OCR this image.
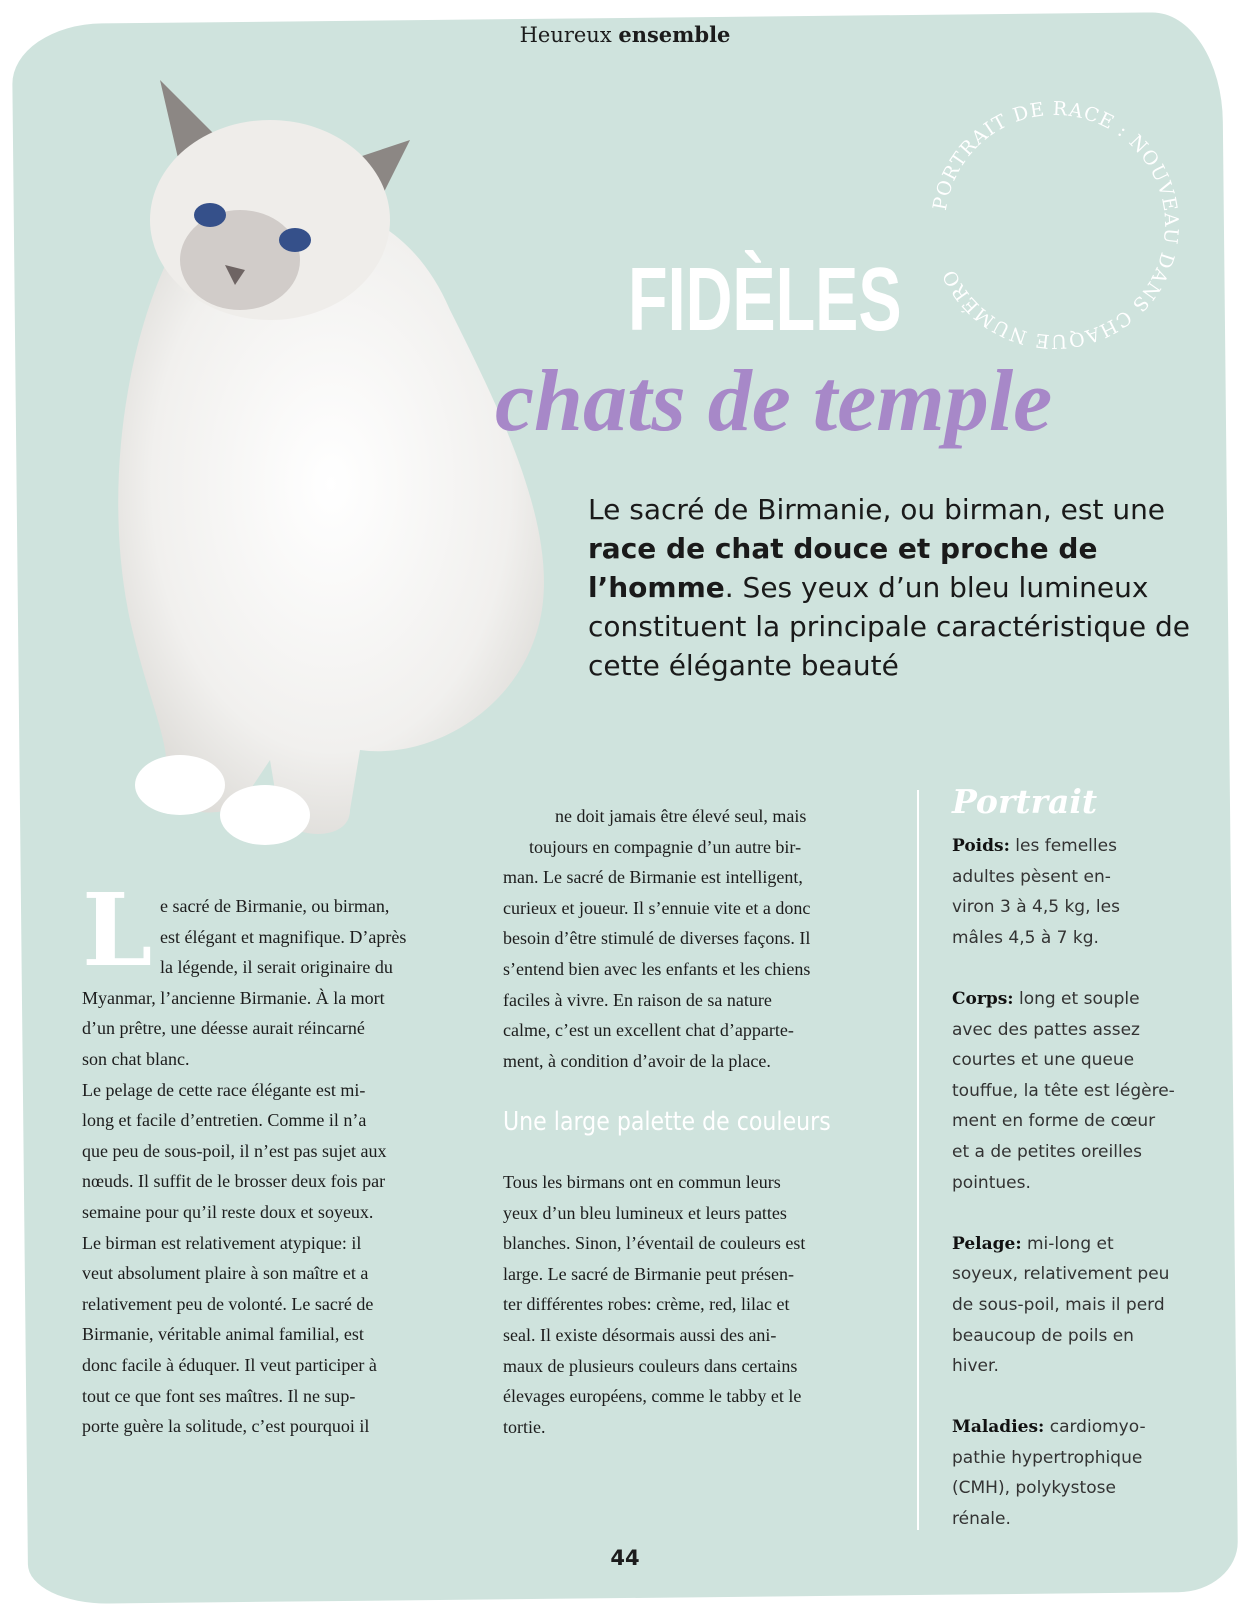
Heureux ensemble
PORTRAIT DE RACE : NOUVEAU DANS CHAQUE NUMÉRO
FIDÈLES
chats de temple
Le sacré de Birmanie, ou birman, est une race de chat douce et proche de l’homme. Ses yeux d’un bleu lumineux constituent la principale caractéristique de cette élégante beauté
L e sacré de Birmanie, ou birman,
est élégant et magnifique. D’après
la légende, il serait originaire du
Myanmar, l’ancienne Birmanie. À la mort
d’un prêtre, une déesse aurait réincarné
son chat blanc.
Le pelage de cette race élégante est mi-
long et facile d’entretien. Comme il n’a
que peu de sous-poil, il n’est pas sujet aux
nœuds. Il suffit de le brosser deux fois par
semaine pour qu’il reste doux et soyeux.
Le birman est relativement atypique: il
veut absolument plaire à son maître et a
relativement peu de volonté. Le sacré de
Birmanie, véritable animal familial, est
donc facile à éduquer. Il veut participer à
tout ce que font ses maîtres. Il ne sup-
porte guère la solitude, c’est pourquoi il
ne doit jamais être élevé seul, mais
toujours en compagnie d’un autre bir-
man. Le sacré de Birmanie est intelligent,
curieux et joueur. Il s’ennuie vite et a donc
besoin d’être stimulé de diverses façons. Il
s’entend bien avec les enfants et les chiens
faciles à vivre. En raison de sa nature
calme, c’est un excellent chat d’apparte-
ment, à condition d’avoir de la place.
Une large palette de couleurs
Tous les birmans ont en commun leurs
yeux d’un bleu lumineux et leurs pattes
blanches. Sinon, l’éventail de couleurs est
large. Le sacré de Birmanie peut présen-
ter différentes robes: crème, red, lilac et
seal. Il existe désormais aussi des ani-
maux de plusieurs couleurs dans certains
élevages européens, comme le tabby et le
tortie.
Portrait
Poids: les femelles
adultes pèsent en-
viron 3 à 4,5 kg, les
mâles 4,5 à 7 kg.
Corps: long et souple
avec des pattes assez
courtes et une queue
touffue, la tête est légère-
ment en forme de cœur
et a de petites oreilles
pointues.
Pelage: mi-long et
soyeux, relativement peu
de sous-poil, mais il perd
beaucoup de poils en
hiver.
Maladies: cardiomyo-
pathie hypertrophique
(CMH), polykystose
rénale.
44
